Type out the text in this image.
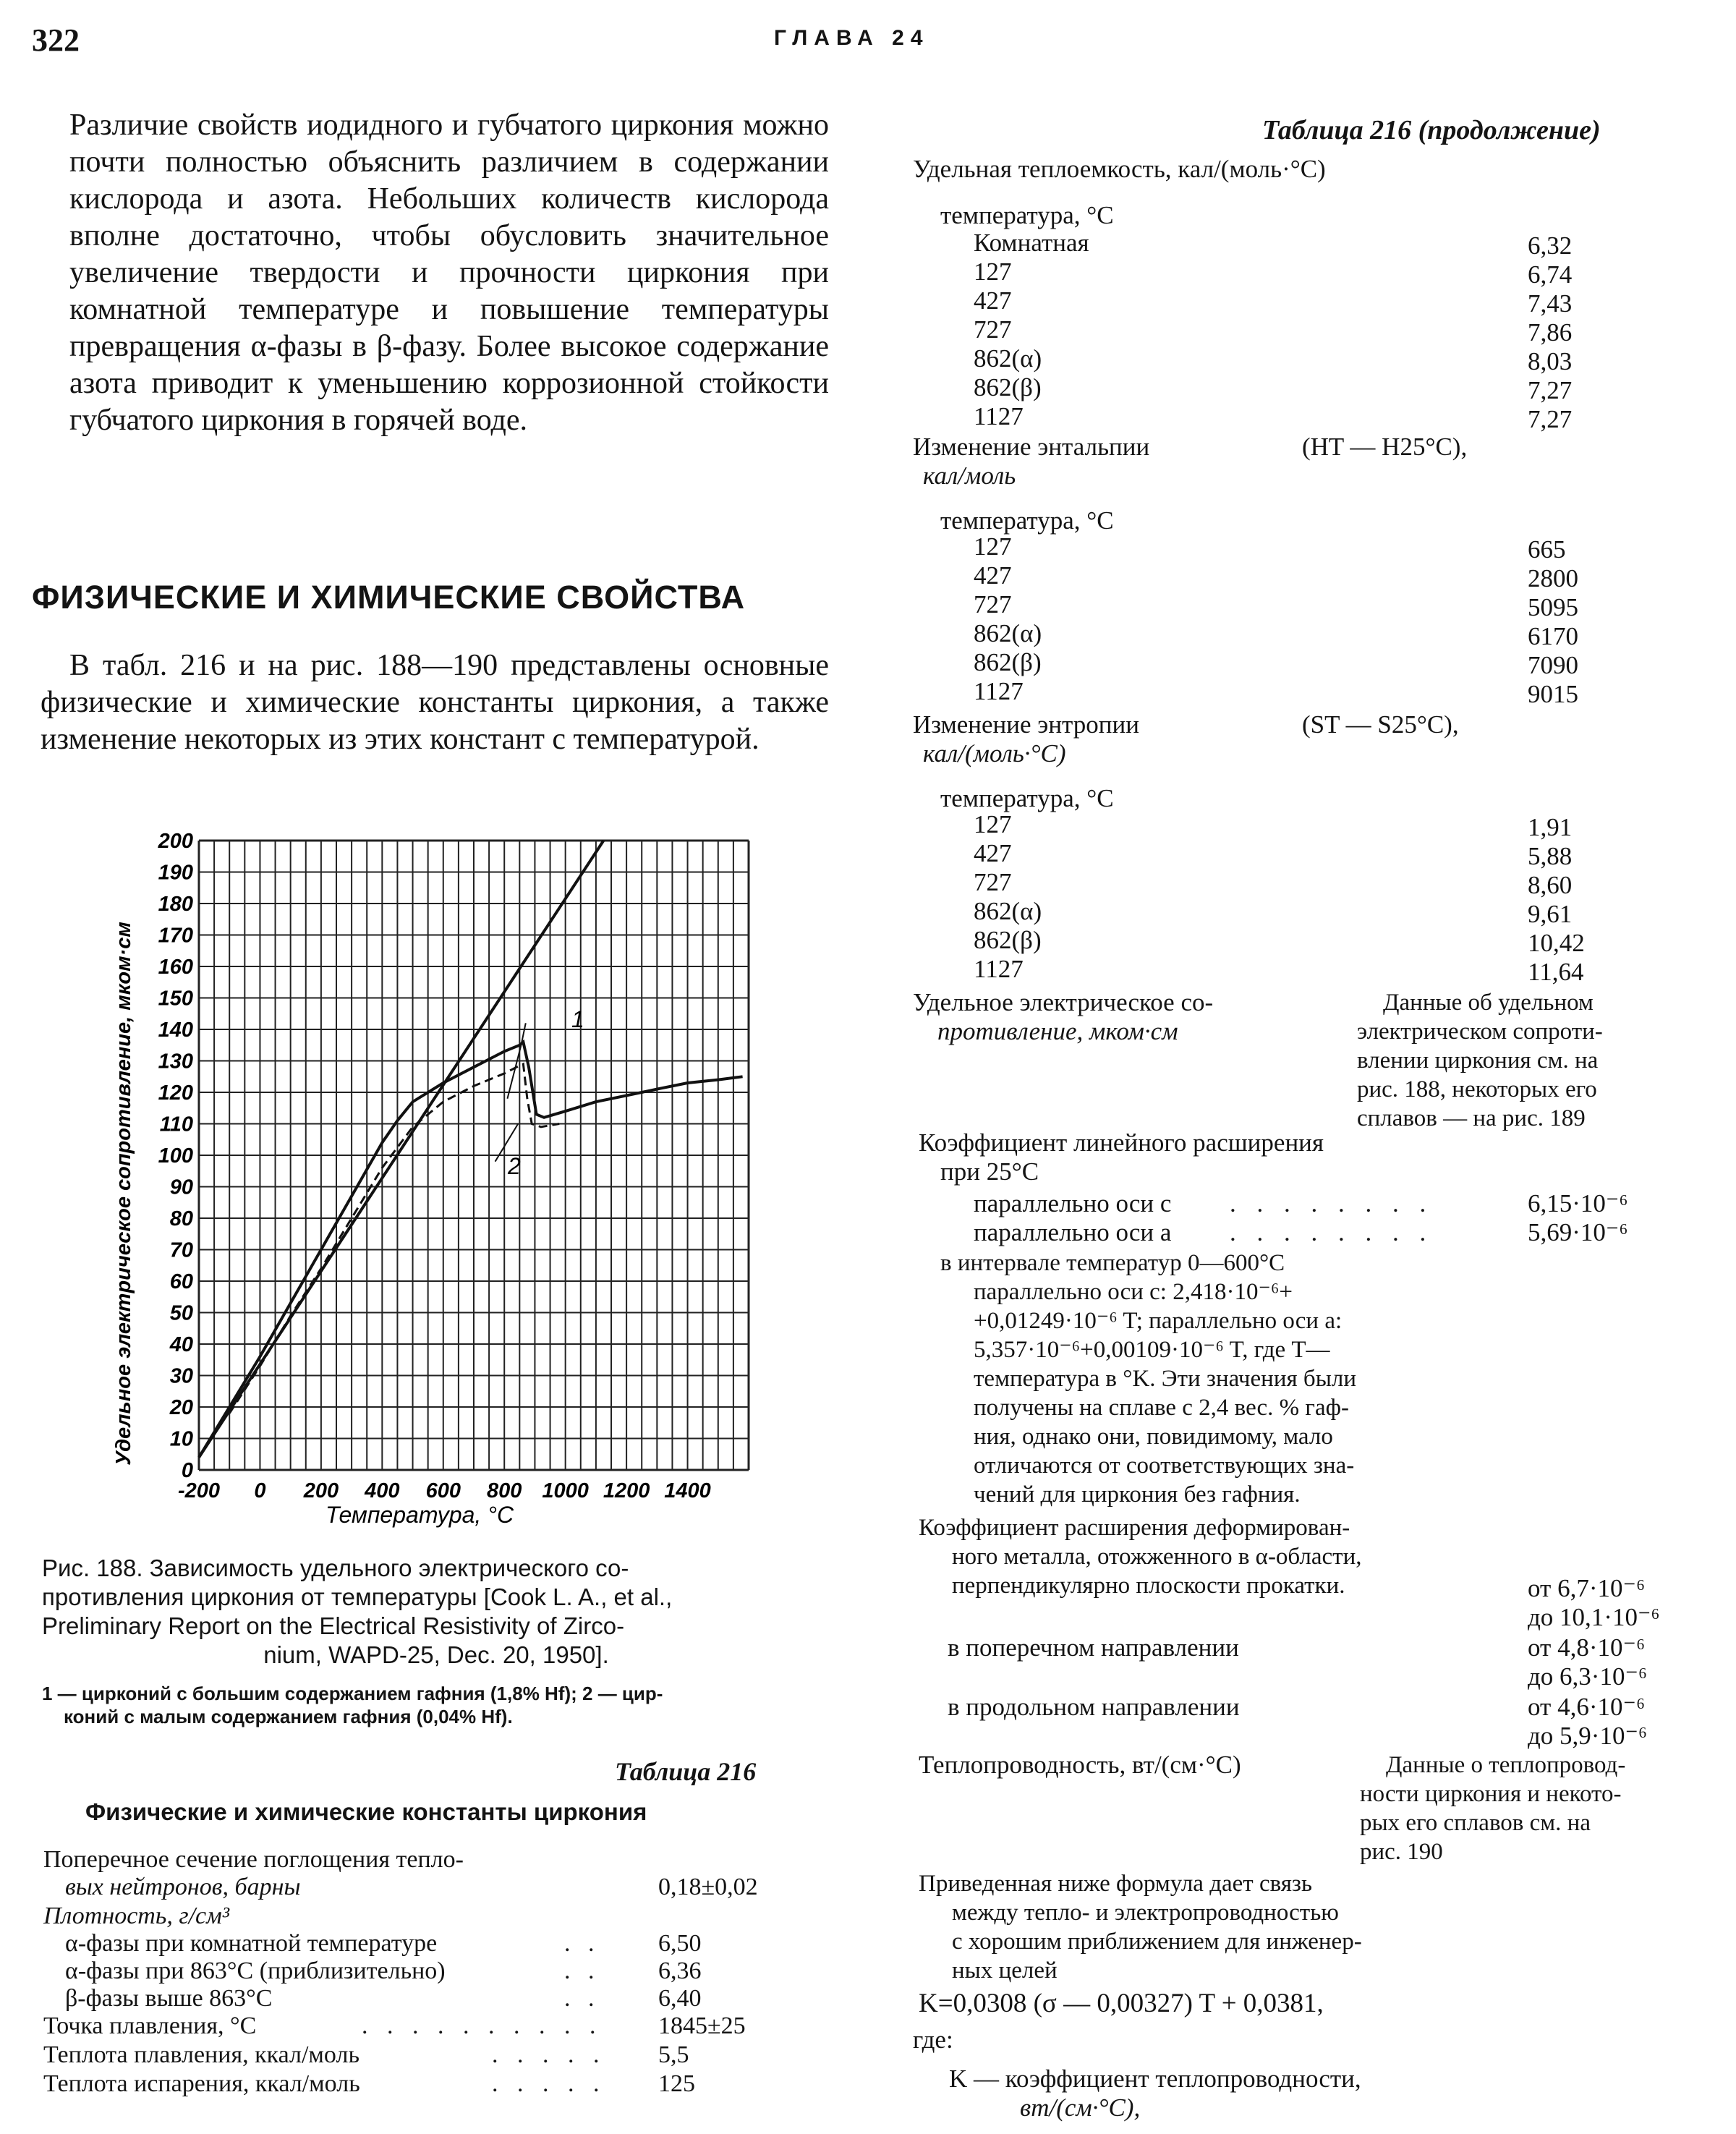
322	ГЛАВА 24

Различие свойств иодидного и губчатого циркония можно почти полностью объяснить различием в содержании кислорода и азота. Небольших количеств кислорода вполне достаточно, чтобы обусловить значительное увеличение твердости и прочности циркония при комнатной температуре и повышение температуры превращения α-фазы в β-фазу. Более высокое содержание азота приводит к уменьшению коррозионной стойкости губчатого циркония в горячей воде.

ФИЗИЧЕСКИЕ И ХИМИЧЕСКИЕ СВОЙСТВА
В табл. 216 и на рис. 188—190 представлены основные физические и химические константы циркония, а также изменение некоторых из этих констант с температурой.
0
10
20
30
40
50
60
70
80
90
100
110
120
130
140
150
160
170
180
190
200
-200 0 200 400 600 800 1000 1200 1400
Температура, °C
Удельное электрическое сопротивление, мком·см	1
2
Рис. 188. Зависимость удельного электрического со-
противления циркония от температуры [Cook L. A., et al.,
Preliminary Report on the Electrical Resistivity of Zirco-
nium, WAPD-25, Dec. 20, 1950].
1 — цирконий с большим содержанием гафния (1,8% Hf); 2 — цир-
коний с малым содержанием гафния (0,04% Hf).
Таблица 216
Физические и химические константы циркония
Поперечное сечение поглощения тепло-
вых нейтронов, барны	0,18±0,02
Плотность, г/см³
α-фазы при комнатной температуре	. . 6,50
α-фазы при 863°C (приблизительно)	. . 6,36
β-фазы выше 863°C	. . 6,40
Точка плавления, °C	. . . . . . . . . . 1845±25
Теплота плавления, ккал/моль	. . . . . 5,5
Теплота испарения, ккал/моль	. . . . . 125
Таблица 216 (продолжение)
Удельная теплоемкость, кал/(моль·°C)
температура, °C
Комнатная	6,32
127	6,74
427	7,43
727	7,86
862(α)	8,03
862(β)	7,27
1127	7,27
Изменение энтальпии	(HT — H25°C),
кал/моль
температура, °C
127	665
427	2800
727	5095
862(α)	6170
862(β)	7090
1127	9015
Изменение энтропии	(ST — S25°C),
кал/(моль·°C)
температура, °C
127	1,91
427	5,88
727	8,60
862(α)	9,61
862(β)	10,42
1127	11,64
Удельное электрическое со-
противление, мком·см
Данные об удельном
электрическом сопроти-
влении циркония см. на
рис. 188, некоторых его
сплавов — на рис. 189
Коэффициент линейного расширения
при 25°C
параллельно оси c . . . . . . . .	6,15·10⁻⁶
параллельно оси a . . . . . . . .	5,69·10⁻⁶
в интервале температур 0—600°C
параллельно оси c: 2,418·10⁻⁶+
+0,01249·10⁻⁶ T; параллельно оси a:
5,357·10⁻⁶+0,00109·10⁻⁶ T, где T—
температура в °K. Эти значения были
получены на сплаве с 2,4 вес. % гаф-
ния, однако они, повидимому, мало
отличаются от соответствующих зна-
чений для циркония без гафния.
Коэффициент расширения деформирован-
ного металла, отожженного в α-области,
перпендикулярно плоскости прокатки.	от 6,7·10⁻⁶
до 10,1·10⁻⁶
в поперечном направлении	от 4,8·10⁻⁶
до 6,3·10⁻⁶
в продольном направлении	от 4,6·10⁻⁶
до 5,9·10⁻⁶
Теплопроводность, вт/(см·°C)	Данные о теплопровод-
ности циркония и некото-
рых его сплавов см. на
рис. 190
Приведенная ниже формула дает связь
между тепло- и электропроводностью
с хорошим приближением для инженер-
ных целей
K=0,0308 (σ — 0,00327) T + 0,0381,
где:
K — коэффициент теплопроводности,
вт/(см·°C),
